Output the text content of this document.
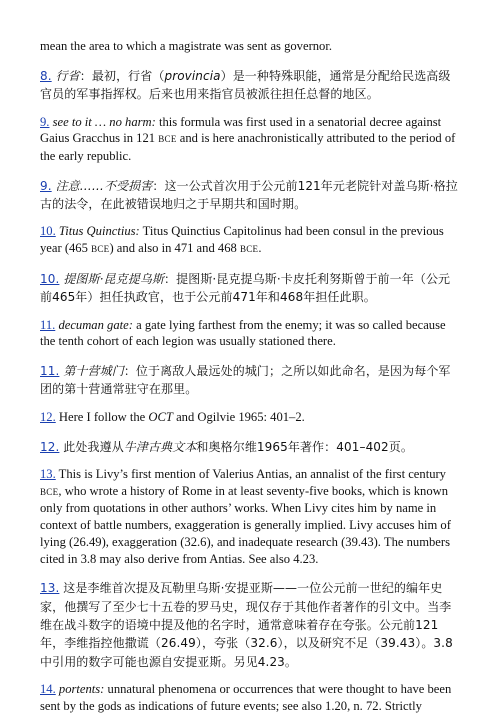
mean the area to which a magistrate was sent as governor.

8. 行省：最初，行省（provincia）是一种特殊职能，通常是分配给民选高级官员的军事指挥权。后来也用来指官员被派往担任总督的地区。

9. see to it … no harm: this formula was first used in a senatorial decree against Gaius Gracchus in 121 BCE and is here anachronistically attributed to the period of the early republic.

9. 注意……不受损害：这一公式首次用于公元前121年元老院针对盖乌斯·格拉古的法令，在此被错误地归之于早期共和国时期。

10. Titus Quinctius: Titus Quinctius Capitolinus had been consul in the previous year (465 BCE) and also in 471 and 468 BCE.

10. 提图斯·昆克提乌斯：提图斯·昆克提乌斯·卡皮托利努斯曾于前一年（公元前465年）担任执政官，也于公元前471年和468年担任此职。

11. decuman gate: a gate lying farthest from the enemy; it was so called because the tenth cohort of each legion was usually stationed there.

11. 第十营城门：位于离敌人最远处的城门；之所以如此命名，是因为每个军团的第十营通常驻守在那里。

12. Here I follow the OCT and Ogilvie 1965: 401–2.

12. 此处我遵从牛津古典文本和奥格尔维1965年著作：401–402页。

13. This is Livy’s first mention of Valerius Antias, an annalist of the first century BCE, who wrote a history of Rome in at least seventy-five books, which is known only from quotations in other authors’ works. When Livy cites him by name in context of battle numbers, exaggeration is generally implied. Livy accuses him of lying (26.49), exaggeration (32.6), and inadequate research (39.43). The numbers cited in 3.8 may also derive from Antias. See also 4.23.

13. 这是李维首次提及瓦勒里乌斯·安提亚斯——一位公元前一世纪的编年史家，他撰写了至少七十五卷的罗马史，现仅存于其他作者著作的引文中。当李维在战斗数字的语境中提及他的名字时，通常意味着存在夸张。公元前121年，李维指控他撒谎（26.49），夸张（32.6），以及研究不足（39.43）。3.8中引用的数字可能也源自安提亚斯。另见4.23。

14. portents: unnatural phenomena or occurrences that were thought to have been sent by the gods as indications of future events; see also 1.20, n. 72. Strictly
